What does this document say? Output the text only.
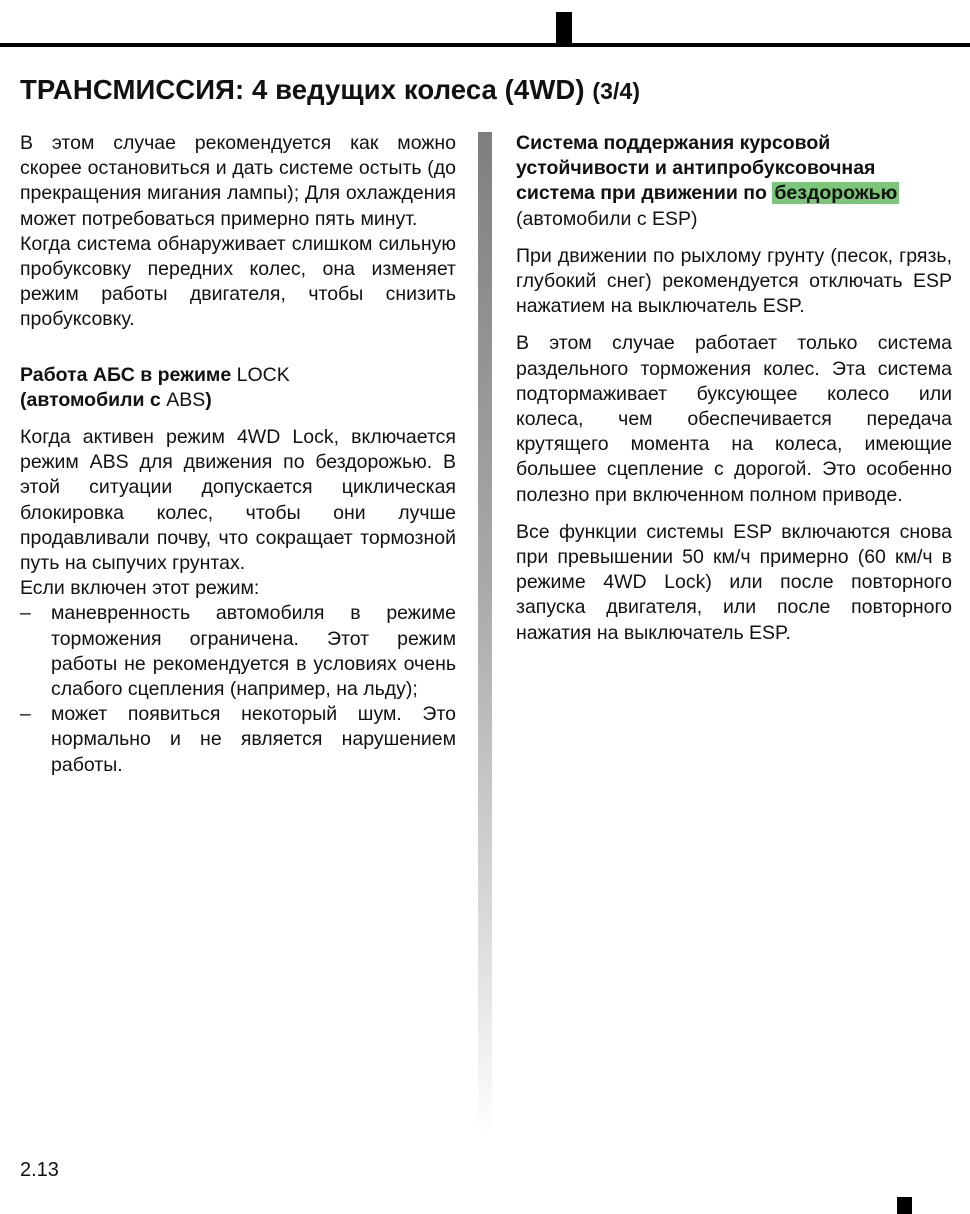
ТРАНСМИССИЯ: 4 ведущих колеса (4WD) (3/4)

В этом случае рекомендуется как можно скорее остановиться и дать системе остыть (до прекращения мигания лампы); Для охлаждения может потребоваться примерно пять минут.

Когда система обнаруживает слишком сильную пробуксовку передних колес, она изменяет режим работы двигателя, чтобы снизить пробуксовку.

Работа АБС в режиме LOCK
(автомобили с ABS)

Когда активен режим 4WD Lock, включается режим ABS для движения по бездорожью. В этой ситуации допускается циклическая блокировка колес, чтобы они лучше продавливали почву, что сокращает тормозной путь на сыпучих грунтах.

Если включен этот режим:

– маневренность автомобиля в режиме торможения ограничена. Этот режим работы не рекомендуется в условиях очень слабого сцепления (например, на льду);
– может появиться некоторый шум. Это нормально и не является нарушением работы.

Система поддержания курсовой
устойчивости и антипробуксовочная
система при движении по бездорожью
(автомобили с ESP)

При движении по рыхлому грунту (песок, грязь, глубокий снег) рекомендуется отключать ESP нажатием на выключатель ESP.

В этом случае работает только система раздельного торможения колес. Эта система подтормаживает буксующее колесо или колеса, чем обеспечивается передача крутящего момента на колеса, имеющие большее сцепление с дорогой. Это особенно полезно при включенном полном приводе.

Все функции системы ESP включаются снова при превышении 50 км/ч примерно (60 км/ч в режиме 4WD Lock) или после повторного запуска двигателя, или после повторного нажатия на выключатель ESP.

2.13
